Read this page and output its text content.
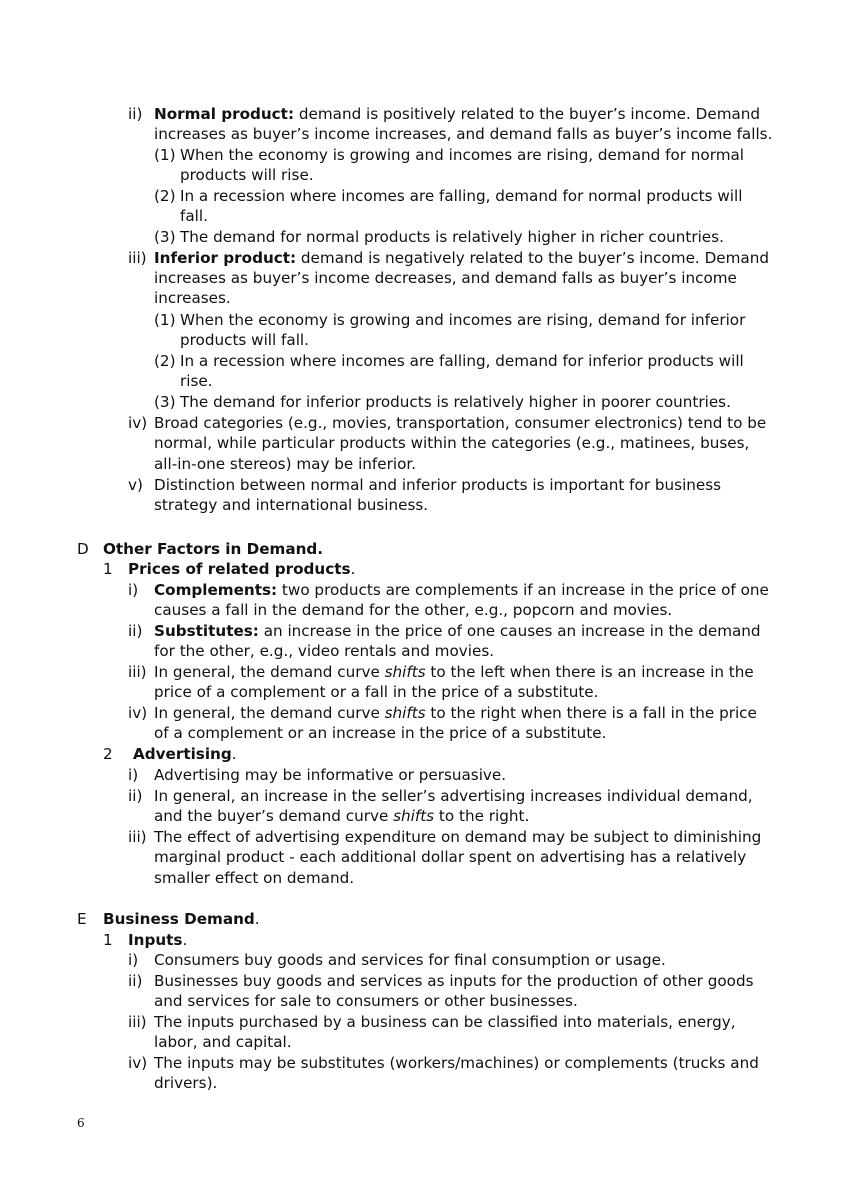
ii) Normal product: demand is positively related to the buyer’s income. Demand
increases as buyer’s income increases, and demand falls as buyer’s income falls.
(1) When the economy is growing and incomes are rising, demand for normal
products will rise.
(2) In a recession where incomes are falling, demand for normal products will
fall.
(3) The demand for normal products is relatively higher in richer countries.
iii) Inferior product: demand is negatively related to the buyer’s income. Demand
increases as buyer’s income decreases, and demand falls as buyer’s income
increases.
(1) When the economy is growing and incomes are rising, demand for inferior
products will fall.
(2) In a recession where incomes are falling, demand for inferior products will
rise.
(3) The demand for inferior products is relatively higher in poorer countries.
iv) Broad categories (e.g., movies, transportation, consumer electronics) tend to be
normal, while particular products within the categories (e.g., matinees, buses,
all-in-one stereos) may be inferior.
v) Distinction between normal and inferior products is important for business
strategy and international business.
D Other Factors in Demand.
1 Prices of related products.
i) Complements: two products are complements if an increase in the price of one
causes a fall in the demand for the other, e.g., popcorn and movies.
ii) Substitutes: an increase in the price of one causes an increase in the demand
for the other, e.g., video rentals and movies.
iii) In general, the demand curve shifts to the left when there is an increase in the
price of a complement or a fall in the price of a substitute.
iv) In general, the demand curve shifts to the right when there is a fall in the price
of a complement or an increase in the price of a substitute.
2 Advertising.
i) Advertising may be informative or persuasive.
ii) In general, an increase in the seller’s advertising increases individual demand,
and the buyer’s demand curve shifts to the right.
iii) The effect of advertising expenditure on demand may be subject to diminishing
marginal product - each additional dollar spent on advertising has a relatively
smaller effect on demand.
E Business Demand.
1 Inputs.
i) Consumers buy goods and services for final consumption or usage.
ii) Businesses buy goods and services as inputs for the production of other goods
and services for sale to consumers or other businesses.
iii) The inputs purchased by a business can be classified into materials, energy,
labor, and capital.
iv) The inputs may be substitutes (workers/machines) or complements (trucks and
drivers).
6
